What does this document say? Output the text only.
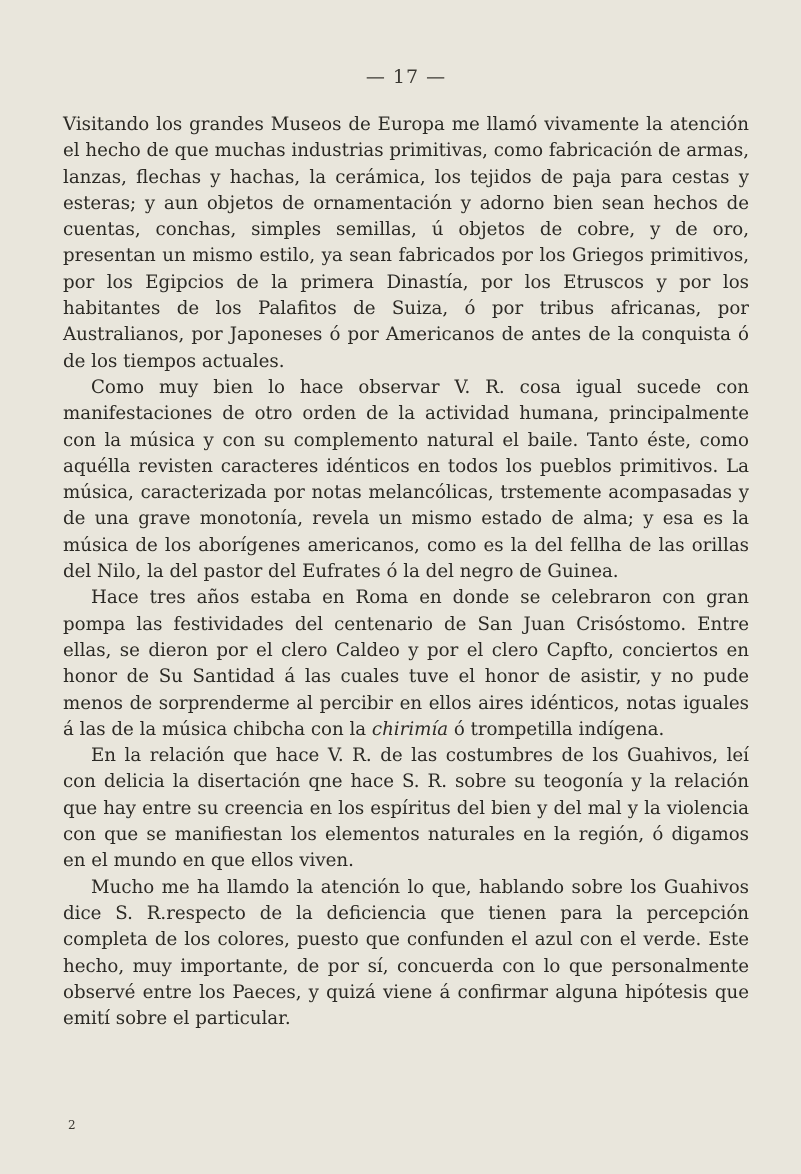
— 17 —

Visitando los grandes Museos de Europa me llamó vivamente la atención el hecho de que muchas industrias primitivas, como fabricación de armas, lanzas, flechas y hachas, la cerámica, los tejidos de paja para cestas y esteras; y aun objetos de ornamentación y adorno bien sean hechos de cuentas, conchas, simples semillas, ú objetos de cobre, y de oro, presentan un mismo estilo, ya sean fabricados por los Griegos primitivos, por los Egipcios de la primera Dinastía, por los Etruscos y por los habitantes de los Palafitos de Suiza, ó por tribus africanas, por Australianos, por Japoneses ó por Americanos de antes de la conquista ó de los tiempos actuales.

Como muy bien lo hace observar V. R. cosa igual sucede con manifestaciones de otro orden de la actividad humana, principalmente con la música y con su complemento natural el baile. Tanto éste, como aquélla revisten caracteres idénticos en todos los pueblos primitivos. La música, caracterizada por notas melancólicas, trstemente acompasadas y de una grave monotonía, revela un mismo estado de alma; y esa es la música de los aborígenes americanos, como es la del fellha de las orillas del Nilo, la del pastor del Eufrates ó la del negro de Guinea.

Hace tres años estaba en Roma en donde se celebraron con gran pompa las festividades del centenario de San Juan Crisóstomo. Entre ellas, se dieron por el clero Caldeo y por el clero Capfto, conciertos en honor de Su Santidad á las cuales tuve el honor de asistir, y no pude menos de sorprenderme al percibir en ellos aires idénticos, notas iguales á las de la música chibcha con la chirimía ó trompetilla indígena.

En la relación que hace V. R. de las costumbres de los Guahivos, leí con delicia la disertación qne hace S. R. sobre su teogonía y la relación que hay entre su creencia en los espíritus del bien y del mal y la violencia con que se manifiestan los elementos naturales en la región, ó digamos en el mundo en que ellos viven.

Mucho me ha llamdo la atención lo que, hablando sobre los Guahivos dice S. R.respecto de la deficiencia que tienen para la percepción completa de los colores, puesto que confunden el azul con el verde. Este hecho, muy importante, de por sí, concuerda con lo que personalmente observé entre los Paeces, y quizá viene á confirmar alguna hipótesis que emití sobre el particular.

2
